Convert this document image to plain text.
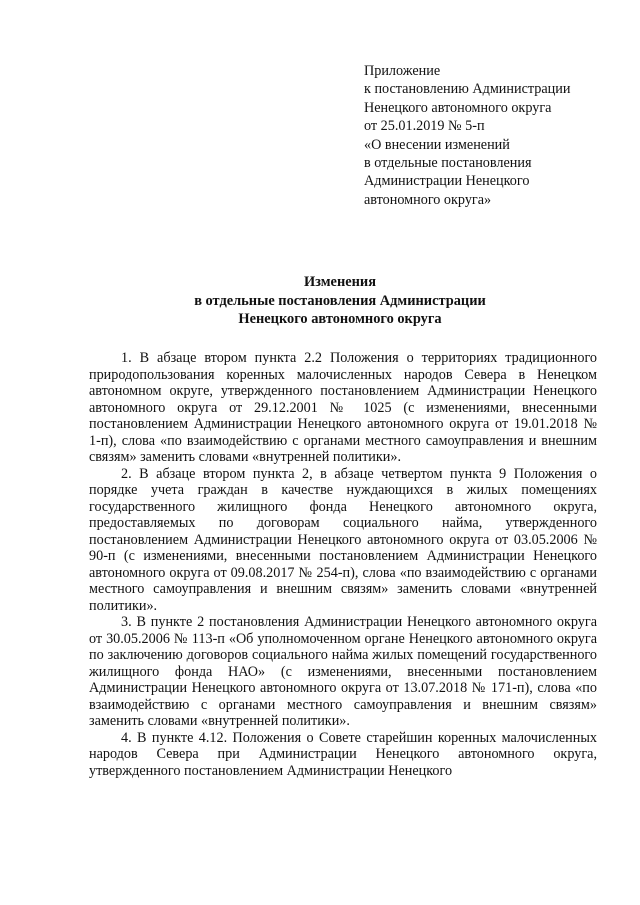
Приложение
к постановлению Администрации
Ненецкого автономного округа
от 25.01.2019 № 5-п
«О внесении изменений
в отдельные постановления
Администрации Ненецкого
автономного округа»
Изменения
в отдельные постановления Администрации
Ненецкого автономного округа

1. В абзаце втором пункта 2.2 Положения о территориях традиционного природопользования коренных малочисленных народов Севера в Ненецком автономном округе, утвержденного постановлением Администрации Ненецкого автономного округа от 29.12.2001 № 1025 (с изменениями, внесенными постановлением Администрации Ненецкого автономного округа от 19.01.2018 № 1-п), слова «по взаимодействию с органами местного самоуправления и внешним связям» заменить словами «внутренней политики».

2. В абзаце втором пункта 2, в абзаце четвертом пункта 9 Положения о порядке учета граждан в качестве нуждающихся в жилых помещениях государственного жилищного фонда Ненецкого автономного округа, предоставляемых по договорам социального найма, утвержденного постановлением Администрации Ненецкого автономного округа от 03.05.2006 № 90-п (с изменениями, внесенными постановлением Администрации Ненецкого автономного округа от 09.08.2017 № 254-п), слова «по взаимодействию с органами местного самоуправления и внешним связям» заменить словами «внутренней политики».

3. В пункте 2 постановления Администрации Ненецкого автономного округа от 30.05.2006 № 113-п «Об уполномоченном органе Ненецкого автономного округа по заключению договоров социального найма жилых помещений государственного жилищного фонда НАО» (с изменениями, внесенными постановлением Администрации Ненецкого автономного округа от 13.07.2018 № 171-п), слова «по взаимодействию с органами местного самоуправления и внешним связям» заменить словами «внутренней политики».

4. В пункте 4.12. Положения о Совете старейшин коренных малочисленных народов Севера при Администрации Ненецкого автономного округа, утвержденного постановлением Администрации Ненецкого
